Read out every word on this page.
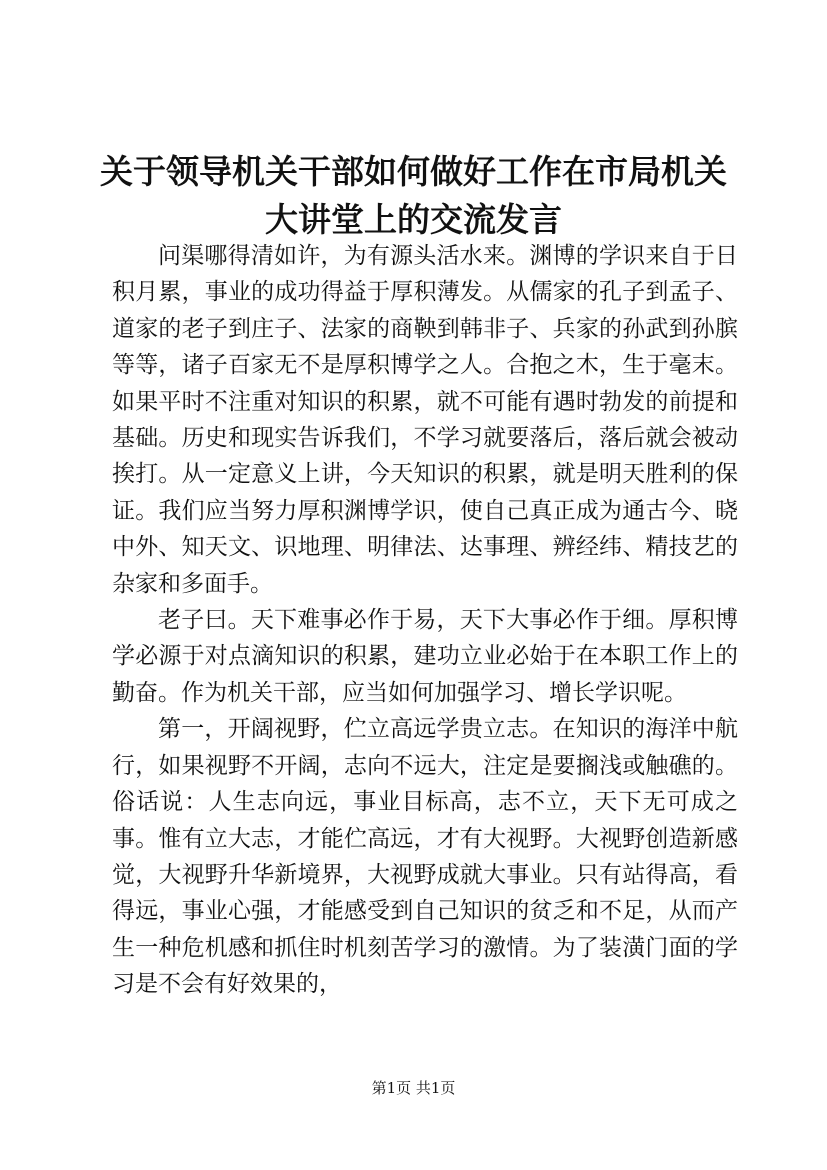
关于领导机关干部如何做好工作在市局机关大讲堂上的交流发言

问渠哪得清如许，为有源头活水来。渊博的学识来自于日积月累，事业的成功得益于厚积薄发。从儒家的孔子到孟子、道家的老子到庄子、法家的商鞅到韩非子、兵家的孙武到孙膑等等，诸子百家无不是厚积博学之人。合抱之木，生于毫末。如果平时不注重对知识的积累，就不可能有遇时勃发的前提和基础。历史和现实告诉我们，不学习就要落后，落后就会被动挨打。从一定意义上讲，今天知识的积累，就是明天胜利的保证。我们应当努力厚积渊博学识，使自己真正成为通古今、晓中外、知天文、识地理、明律法、达事理、辨经纬、精技艺的杂家和多面手。

老子曰。天下难事必作于易，天下大事必作于细。厚积博学必源于对点滴知识的积累，建功立业必始于在本职工作上的勤奋。作为机关干部，应当如何加强学习、增长学识呢。

第一，开阔视野，伫立高远学贵立志。在知识的海洋中航行，如果视野不开阔，志向不远大，注定是要搁浅或触礁的。俗话说：人生志向远，事业目标高，志不立，天下无可成之事。惟有立大志，才能伫高远，才有大视野。大视野创造新感觉，大视野升华新境界，大视野成就大事业。只有站得高，看得远，事业心强，才能感受到自己知识的贫乏和不足，从而产生一种危机感和抓住时机刻苦学习的激情。为了装潢门面的学习是不会有好效果的，

第1页 共1页
